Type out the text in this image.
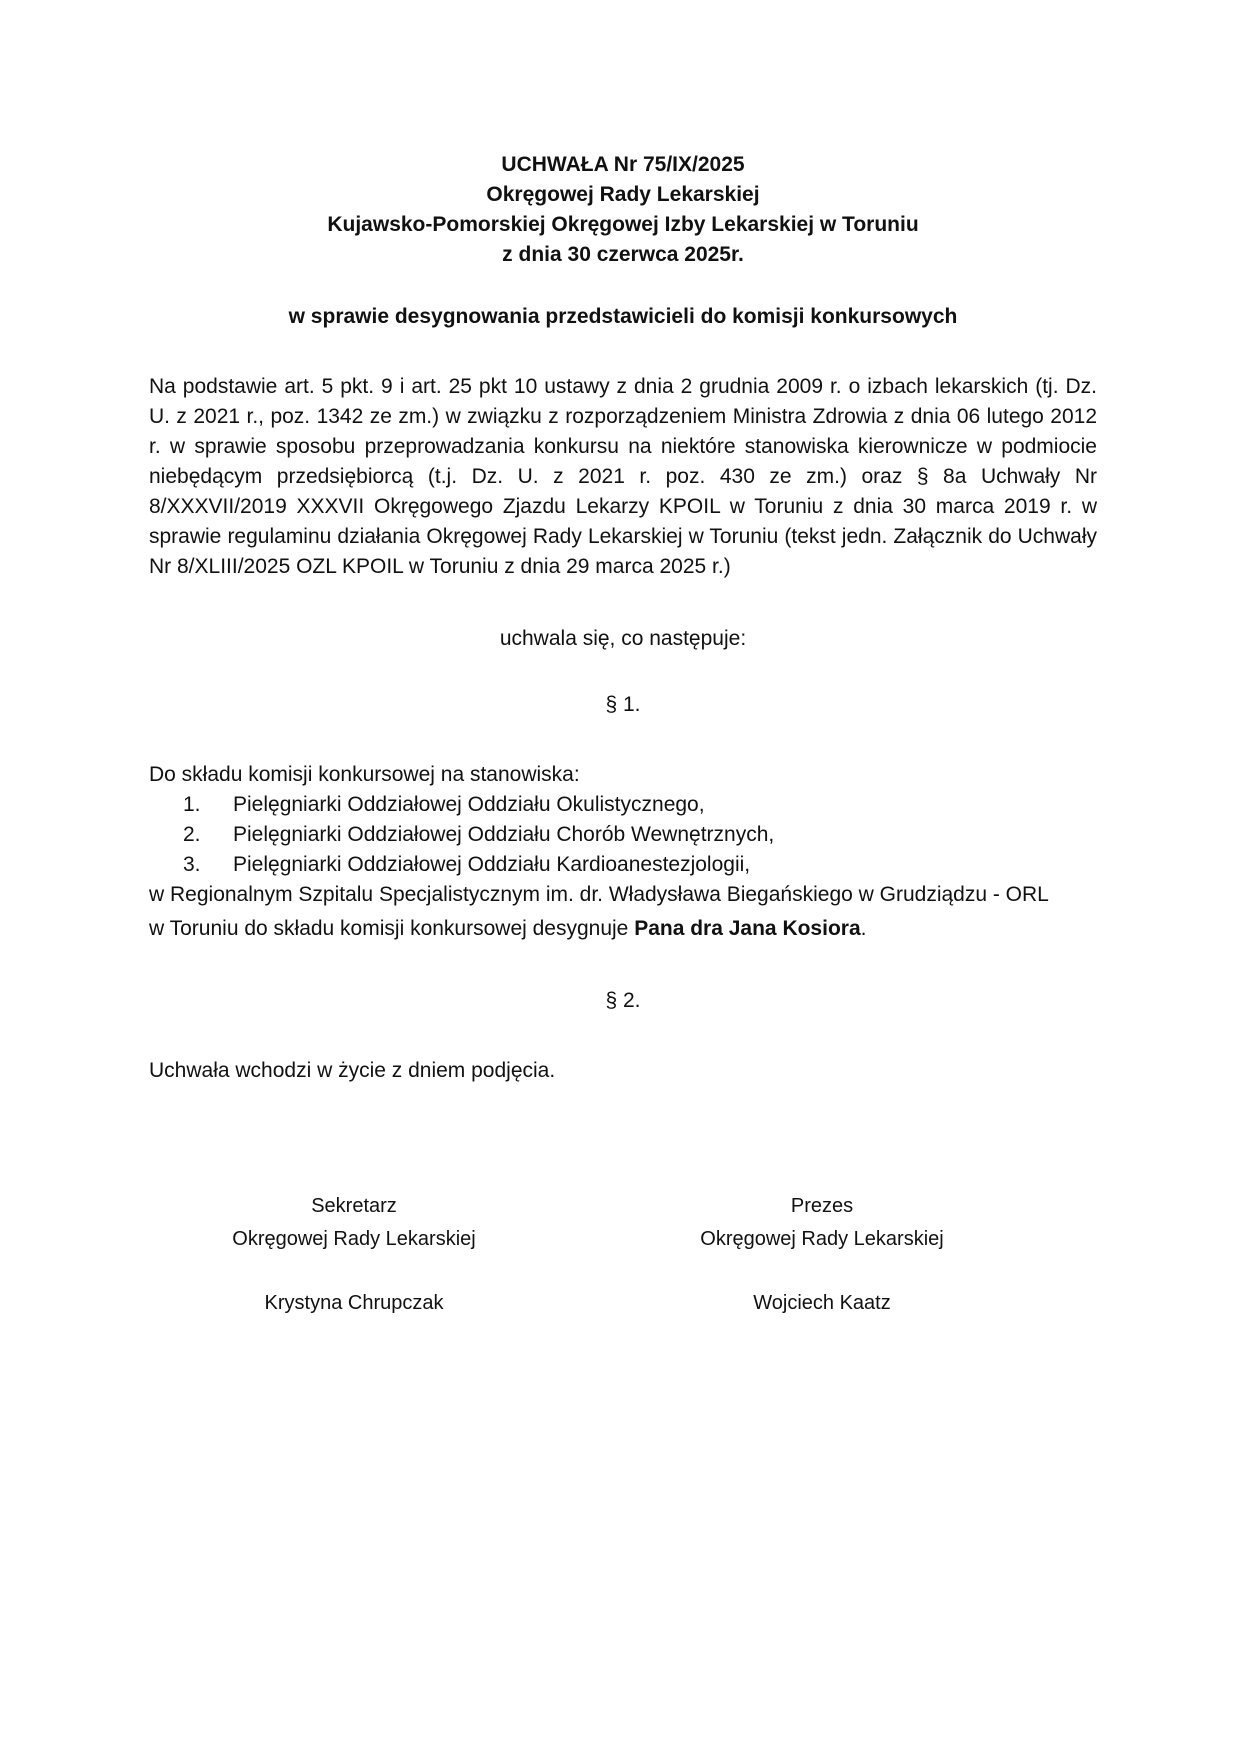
UCHWAŁA Nr 75/IX/2025
Okręgowej Rady Lekarskiej
Kujawsko-Pomorskiej Okręgowej Izby Lekarskiej w Toruniu
z dnia 30 czerwca 2025r.
w sprawie desygnowania przedstawicieli do komisji konkursowych
Na podstawie art. 5 pkt. 9 i art. 25 pkt 10 ustawy z dnia 2 grudnia 2009 r. o izbach lekarskich (tj. Dz. U. z 2021 r., poz. 1342 ze zm.) w związku z rozporządzeniem Ministra Zdrowia z dnia 06 lutego 2012 r. w sprawie sposobu przeprowadzania konkursu na niektóre stanowiska kierownicze w podmiocie niebędącym przedsiębiorcą (t.j. Dz. U. z 2021 r. poz. 430 ze zm.) oraz § 8a Uchwały Nr 8/XXXVII/2019 XXXVII Okręgowego Zjazdu Lekarzy KPOIL w Toruniu z dnia 30 marca 2019 r. w sprawie regulaminu działania Okręgowej Rady Lekarskiej w Toruniu (tekst jedn. Załącznik do Uchwały Nr 8/XLIII/2025 OZL KPOIL w Toruniu z dnia 29 marca 2025 r.)
uchwala się, co następuje:
§ 1.
Do składu komisji konkursowej na stanowiska:
1. Pielęgniarki Oddziałowej Oddziału Okulistycznego,
2. Pielęgniarki Oddziałowej Oddziału Chorób Wewnętrznych,
3. Pielęgniarki Oddziałowej Oddziału Kardioanestezjologii,
w Regionalnym Szpitalu Specjalistycznym im. dr. Władysława Biegańskiego w Grudziądzu - ORL
w Toruniu do składu komisji konkursowej desygnuje Pana dra Jana Kosiora.
§ 2.
Uchwała wchodzi w życie z dniem podjęcia.
Sekretarz
Okręgowej Rady Lekarskiej
Krystyna Chrupczak
Prezes
Okręgowej Rady Lekarskiej
Wojciech Kaatz
